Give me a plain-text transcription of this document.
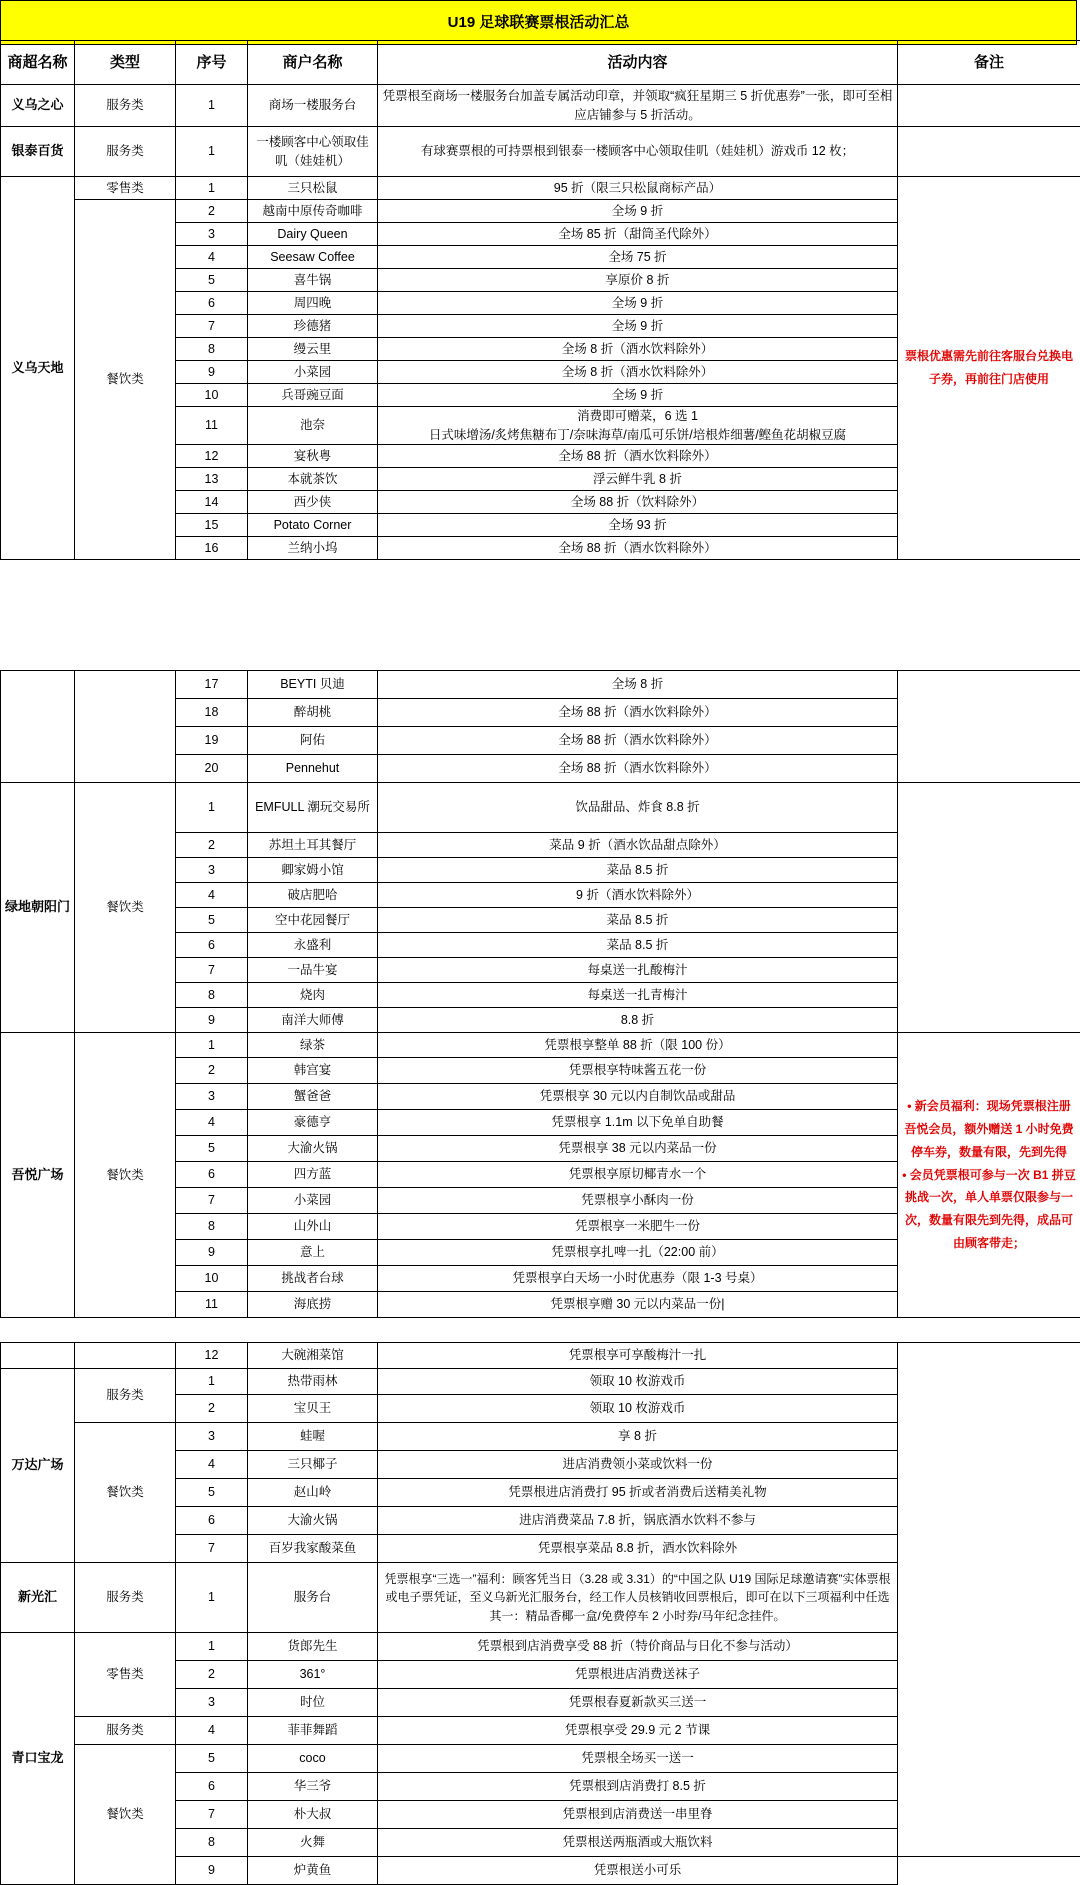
U19 足球联赛票根活动汇总
商超名称	类型	序号	商户名称	活动内容	备注
义乌之心	服务类	1	商场一楼服务台	凭票根至商场一楼服务台加盖专属活动印章，并领取“疯狂星期三 5 折优惠券”一张，即可至相应店铺参与 5 折活动。	
银泰百货	服务类	1	一楼顾客中心领取佳叽（娃娃机）	有球赛票根的可持票根到银泰一楼顾客中心领取佳叽（娃娃机）游戏币 12 枚；	
义乌天地	零售类	1	三只松鼠	95 折（限三只松鼠商标产品）	票根优惠需先前往客服台兑换电子券，再前往门店使用
	餐饮类	2	越南中原传奇咖啡	全场 9 折	
		3	Dairy Queen	全场 85 折（甜筒圣代除外）	
		4	Seesaw Coffee	全场 75 折	
		5	喜牛锅	享原价 8 折	
		6	周四晚	全场 9 折	
		7	珍德猪	全场 9 折	
		8	缦云里	全场 8 折（酒水饮料除外）	
		9	小菜园	全场 8 折（酒水饮料除外）	
		10	兵哥豌豆面	全场 9 折	
		11	池奈	消费即可赠菜，6 选 1
日式味增汤/炙烤焦糖布丁/奈味海草/南瓜可乐饼/培根炸细薯/鲣鱼花胡椒豆腐	
		12	宴秋粤	全场 88 折（酒水饮料除外）	
		13	本就茶饮	浮云鲜牛乳 8 折	
		14	西少侠	全场 88 折（饮料除外）	
		15	Potato Corner	全场 93 折	
		16	兰纳小坞	全场 88 折（酒水饮料除外）	
		17	BEYTI 贝迪	全场 8 折	
		18	醉胡桃	全场 88 折（酒水饮料除外）	
		19	阿佑	全场 88 折（酒水饮料除外）	
		20	Pennehut	全场 88 折（酒水饮料除外）	
绿地朝阳门	餐饮类	1	EMFULL 潮玩交易所	饮品甜品、炸食 8.8 折	
		2	苏坦土耳其餐厅	菜品 9 折（酒水饮品甜点除外）	
		3	卿家姆小馆	菜品 8.5 折	
		4	破店肥哈	9 折（酒水饮料除外）	
		5	空中花园餐厅	菜品 8.5 折	
		6	永盛利	菜品 8.5 折	
		7	一品牛宴	每桌送一扎酸梅汁	
		8	烧肉	每桌送一扎青梅汁	
		9	南洋大师傅	8.8 折	
吾悦广场	餐饮类	1	绿茶	凭票根享整单 88 折（限 100 份）	• 新会员福利：现场凭票根注册吾悦会员，额外赠送 1 小时免费停车券，数量有限，先到先得
• 会员凭票根可参与一次 B1 拼豆挑战一次，单人单票仅限参与一次，数量有限先到先得，成品可由顾客带走；
		2	韩宫宴	凭票根享特味酱五花一份	
		3	蟹爸爸	凭票根享 30 元以内自制饮品或甜品	
		4	豪德亨	凭票根享 1.1m 以下免单自助餐	
		5	大渝火锅	凭票根享 38 元以内菜品一份	
		6	四方蓝	凭票根享原切椰青水一个	
		7	小菜园	凭票根享小酥肉一份	
		8	山外山	凭票根享一米肥牛一份	
		9	意上	凭票根享扎啤一扎（22:00 前）	
		10	挑战者台球	凭票根享白天场一小时优惠券（限 1-3 号桌）	
		11	海底捞	凭票根享赠 30 元以内菜品一份|	
		12	大碗湘菜馆	凭票根享可享酸梅汁一扎	
万达广场	服务类	1	热带雨林	领取 10 枚游戏币	
		2	宝贝王	领取 10 枚游戏币	
	餐饮类	3	蛙喔	享 8 折	
		4	三只椰子	进店消费领小菜或饮料一份	
		5	赵山岭	凭票根进店消费打 95 折或者消费后送精美礼物	
		6	大渝火锅	进店消费菜品 7.8 折，锅底酒水饮料不参与	
		7	百岁我家酸菜鱼	凭票根享菜品 8.8 折，酒水饮料除外	
新光汇	服务类	1	服务台	凭票根享“三选一”福利：顾客凭当日（3.28 或 3.31）的“中国之队 U19 国际足球邀请赛”实体票根或电子票凭证，至义乌新光汇服务台，经工作人员核销收回票根后，即可在以下三项福利中任选其一：精品香椰一盒/免费停车 2 小时券/马年纪念挂件。	
青口宝龙	零售类	1	货郎先生	凭票根到店消费享受 88 折（特价商品与日化不参与活动）	
		2	361°	凭票根进店消费送袜子	
		3	时位	凭票根春夏新款买三送一	
	服务类	4	菲菲舞蹈	凭票根享受 29.9 元 2 节课	
	餐饮类	5	coco	凭票根全场买一送一	
		6	华三爷	凭票根到店消费打 8.5 折	
		7	朴大叔	凭票根到店消费送一串里脊	
		8	火舞	凭票根送两瓶酒或大瓶饮料	
		9	炉黄鱼	凭票根送小可乐	
